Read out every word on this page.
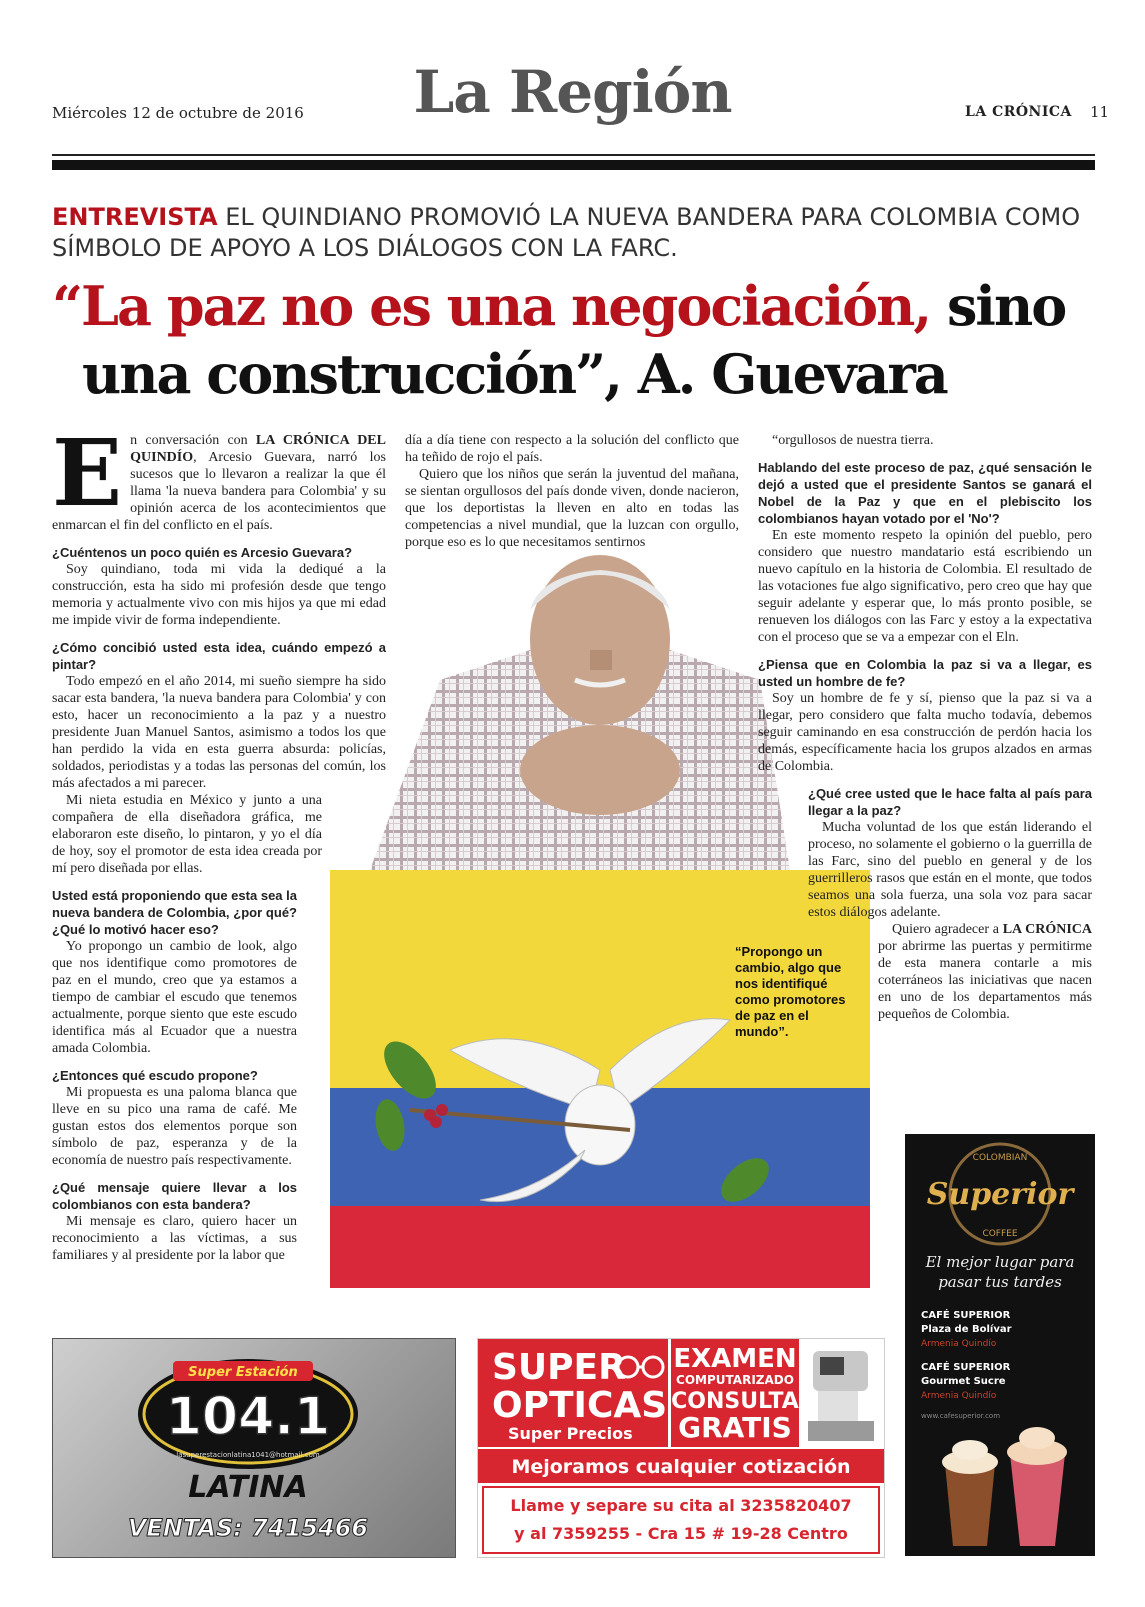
Miércoles 12 de octubre de 2016	La Región	LA CRÓNICA 11
ENTREVISTA EL QUINDIANO PROMOVIÓ LA NUEVA BANDERA PARA COLOMBIA COMO SÍMBOLO DE APOYO A LOS DIÁLOGOS CON LA FARC.
“La paz no es una negociación, sino
una construcción”, A. Guevara
E n conversación con LA CRÓNICA DEL QUINDÍO, Arcesio Guevara, narró los sucesos que lo llevaron a realizar la que él llama 'la nueva bandera para Colombia' y su opinión acerca de los acontecimientos que enmarcan el fin del conflicto en el país.

¿Cuéntenos un poco quién es Arcesio Guevara?

Soy quindiano, toda mi vida la dediqué a la construcción, esta ha sido mi profesión desde que tengo memoria y actualmente vivo con mis hijos ya que mi edad me impide vivir de forma independiente.

¿Cómo concibió usted esta idea, cuándo empezó a pintar?

Todo empezó en el año 2014, mi sueño siempre ha sido sacar esta bandera, 'la nueva bandera para Colombia' y con esto, hacer un reconocimiento a la paz y a nuestro presidente Juan Manuel Santos, asimismo a todos los que han perdido la vida en esta guerra absurda: policías, soldados, periodistas y a todas las personas del común, los más afectados a mi parecer.

Mi nieta estudia en México y junto a una compañera de ella diseñadora gráfica, me elaboraron este diseño, lo pintaron, y yo el día de hoy, soy el promotor de esta idea creada por mí pero diseñada por ellas.

Usted está proponiendo que esta sea la nueva bandera de Colombia, ¿por qué? ¿Qué lo motivó hacer eso?

Yo propongo un cambio de look, algo que nos identifique como promotores de paz en el mundo, creo que ya estamos a tiempo de cambiar el escudo que tenemos actualmente, porque siento que este escudo identifica más al Ecuador que a nuestra amada Colombia.

¿Entonces qué escudo propone?

Mi propuesta es una paloma blanca que lleve en su pico una rama de café. Me gustan estos dos elementos porque son símbolo de paz, esperanza y de la economía de nuestro país respectivamente.

¿Qué mensaje quiere llevar a los colombianos con esta bandera?

Mi mensaje es claro, quiero hacer un reconocimiento a las víctimas, a sus familiares y al presidente por la labor que

día a día tiene con respecto a la solución del conflicto que ha teñido de rojo el país.

Quiero que los niños que serán la juventud del mañana, se sientan orgullosos del país donde viven, donde nacieron, que los deportistas la lleven en alto en todas las competencias a nivel mundial, que la luzcan con orgullo, porque eso es lo que necesitamos sentirnos

“orgullosos de nuestra tierra.

Hablando del este proceso de paz, ¿qué sensación le dejó a usted que el presidente Santos se ganará el Nobel de la Paz y que en el plebiscito los colombianos hayan votado por el 'No'?

En este momento respeto la opinión del pueblo, pero considero que nuestro mandatario está escribiendo un nuevo capítulo en la historia de Colombia. El resultado de las votaciones fue algo significativo, pero creo que hay que seguir adelante y esperar que, lo más pronto posible, se renueven los diálogos con las Farc y estoy a la expectativa con el proceso que se va a empezar con el Eln.

¿Piensa que en Colombia la paz si va a llegar, es usted un hombre de fe?

Soy un hombre de fe y sí, pienso que la paz si va a llegar, pero considero que falta mucho todavía, debemos seguir caminando en esa construcción de perdón hacia los demás, específicamente hacia los grupos alzados en armas de Colombia.

¿Qué cree usted que le hace falta al país para llegar a la paz?

Mucha voluntad de los que están liderando el proceso, no solamente el gobierno o la guerrilla de las Farc, sino del pueblo en general y de los guerrilleros rasos que están en el monte, que todos seamos una sola fuerza, una sola voz para sacar estos diálogos adelante.

Quiero agradecer a LA CRÓNICA por abrirme las puertas y permitirme de esta manera contarle a mis coterráneos las iniciativas que nacen en uno de los departamentos más pequeños de Colombia.

“Propongo un cambio, algo que nos identifiqué como promotores de paz en el mundo”.
Super Estación
104.1
lasuperestacionlatina1041@hotmail.com
LATINA
VENTAS: 7415466
SUPER
OPTICAS
Super Precios
EXAMEN
COMPUTARIZADO
CONSULTA
GRATIS
Mejoramos cualquier cotización
Llame y separe su cita al 3235820407
y al 7359255 - Cra 15 # 19-28 Centro
COLOMBIAN
Superior
COFFEE
El mejor lugar para pasar tus tardes
CAFÉ SUPERIOR
Plaza de Bolívar
Armenia Quindío
CAFÉ SUPERIOR
Gourmet Sucre
Armenia Quindío
www.cafesuperior.com
